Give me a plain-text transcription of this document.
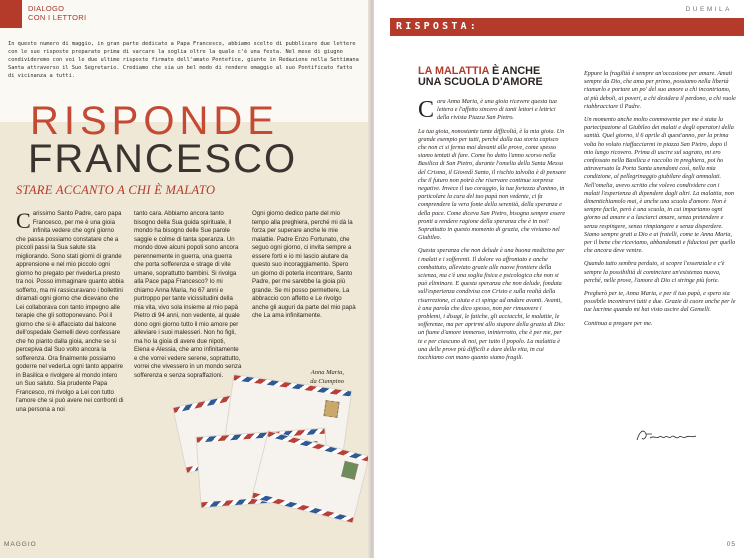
DIALOGO
CON I LETTORI
In questo numero di maggio, in gran parte dedicato a Papa Francesco, abbiamo scelto di pubblicare due lettere con le sue risposte preparate prima di varcare la soglia oltre la quale c'è una festa. Nel mese di giugno condivideremo con voi le due ultime risposte firmate dell'amato Pontefice, giunte in Redazione nella Settimana Santa attraverso il Suo Segretario. Crediamo che sia un bel modo di rendere omaggio al suo Pontificato fatto di vicinanza a tutti.
RISPONDE
FRANCESCO
STARE ACCANTO A CHI È MALATO
Carissimo Santo Padre, caro papa Francesco, per me è una gioia infinita vedere che ogni giorno che passa possiamo constatare che a piccoli passi la Sua salute sta migliorando. Sono stati giorni di grande apprensione e nel mio piccolo ogni giorno ho pregato per rivederLa presto tra noi. Posso immaginare quanto abbia sofferto, ma mi rassicuravano i bollettini diramati ogni giorno che dicevano che Lei collaborava con tanto impegno alle terapie che gli sottoponevano. Poi il giorno che si è affacciato dal balcone dell'ospedale Gemelli devo confessare che ho pianto dalla gioia, anche se si percepiva dal Suo volto ancora la sofferenza. Ora finalmente possiamo goderre nel vederLa ogni tanto apparire in Basilica e rivolgere al mondo intero un Suo saluto. Sia prudente Papa Francesco, mi rivolgo a Lei con tutto l'amore che si può avere nei confronti di una persona a noi
tanto cara. Abbiamo ancora tanto bisogno della Sua guida spirituale, il mondo ha bisogno delle Sue parole saggie e colme di tanta speranza. Un mondo dove alcuni popoli sono ancora perennemente in guerra, una guerra che porta sofferenza e strage di vite umane, soprattutto bambini. Si rivolga alla Pace papa Francesco? Io mi chiamo Anna Maria, ho 67 anni e purtroppo per tante vicissitudini della mia vita, vivo sola insieme al mio papà Pietro di 94 anni, non vedente, al quale dono ogni giorno tutto il mio amore per alleviare i suoi malesseri. Non ho figli, ma ho la gioia di avere due nipoti, Elena e Alessia, che amo infinitamente e che vorrei vedere serene, soprattutto, vorrei che vivessero in un mondo senza sofferenza e senza sopraffazioni.
Ogni giorno dedico parte del mio tempo alla preghiera, perché mi dà la forza per superare anche le mie malattie. Padre Enzo Fortunato, che seguo ogni giorno, ci invita sempre a essere forti e io mi lascio aiutare da questo suo incoraggiamento. Spero un giorno di poterla incontrare, Santo Padre, per me sarebbe la gioia più grande. Se mi posso permettere, La abbraccio con affetto e Le rivolgo anche gli auguri da parte del mio papà che La ama infinitamente.
Anna Maria,
da Ciampino
MAGGIO
DUEMILA
RISPOSTA:
LA MALATTIA È ANCHE
UNA SCUOLA D'AMORE

Cara Anna Maria, è una gioia ricevere questa tua lettera e l'affetto sincero di tanti lettori e lettrici della rivista Piazza San Pietro.

La tua gioia, nonostante tante difficoltà, è la mia gioia. Un grande esempio per tutti, perché dalla tua storia capisco che non ci si ferma mai davanti alle prove, come spesso siamo tentati di fare. Come ho detto l'anno scorso nella Basilica di San Pietro, durante l'omelia della Santa Messa del Crisma, il Giovedì Santo, il rischio talvolta è di pensare che il futuro non potrà che riservare continue sorprese negative. Invece il tuo coraggio, la tua fortezza d'animo, in particolare la cura del tuo papà non vedente, ci fa comprendere la vera fonte della serenità, della speranza e della pace. Come diceva San Pietro, bisogna sempre essere pronti a rendere ragione della speranza che è in noi! Soprattutto in questo momento di grazia, che viviamo nel Giubileo.

Questa speranza che non delude è una buona medicina per i malati e i sofferenti. Il dolore va affrontato e anche combattuto, alleviato grazie alle nuove frontiere della scienza, ma c'è una soglia fisica e psicologica che non si può eliminare. E questa speranza che non delude, fondata sull'esperienza condivisa con Cristo e sulla realtà della risurrezione, ci aiuta e ci spinge ad andare avanti. Avanti, è una parola che dico spesso, non per rimuovere i problemi, i disagi, le fatiche, gli acciacchi, le malattie, le sofferenze, ma per aprirmi allo stupore della grazia di Dio: un fiume d'amore immenso, ininterrotto, che è per me, per te e per ciascuno di noi, per tutto il popolo. La malattia è una delle prove più difficili e dure della vita, in cui tocchiamo con mano quanto siamo fragili.

Eppure la fragilità è sempre un'occasione per amare. Amati sempre da Dio, che ama per primo, possiamo nella libertà riamarlo e portare un po' del suo amore a chi incontriamo, ai più deboli, ai poveri, a chi desidera il perdono, a chi vuole riabbracciare il Padre.

Un momento anche molto commovente per me è stata la partecipazione al Giubileo dei malati e degli operatori della sanità. Quel giorno, il 6 aprile di quest'anno, per la prima volta ho voluto riaffacciarmi in piazza San Pietro, dopo il mio lungo ricovero. Prima di uscire sul sagrato, mi ero confessato nella Basilica e raccolto in preghiera, poi ho attraversato la Porta Santa unendomi così, nella mia condizione, al pellegrinaggio giubilare degli ammalati. Nell'omelia, avevo scritto che volevo condividere con i malati l'esperienza di dipendere dagli altri. La malattia, non dimentichiamolo mai, è anche una scuola d'amore. Non è sempre facile, però è una scuola, in cui impariamo ogni giorno ad amare e a lasciarci amare, senza pretendere e senza respingere, senza rimpiangere e senza disperdere. Siamo sempre grati a Dio e ai fratelli, come te Anna Maria, per il bene che riceviamo, abbandonati e fiduciosi per quello che ancora deve venire.

Quando tutto sembra perduto, si scopre l'essenziale e c'è sempre la possibilità di cominciare un'esistenza nuova, perché, nelle prove, l'amore di Dio ci stringe più forte.

Pregherò per te, Anna Maria, e per il tuo papà, e spero sia possibile incontrarvi tutti e due. Grazie di cuore anche per le tue lacrime quando mi hai visto uscire dal Gemelli.

Continua a pregare per me.

05
